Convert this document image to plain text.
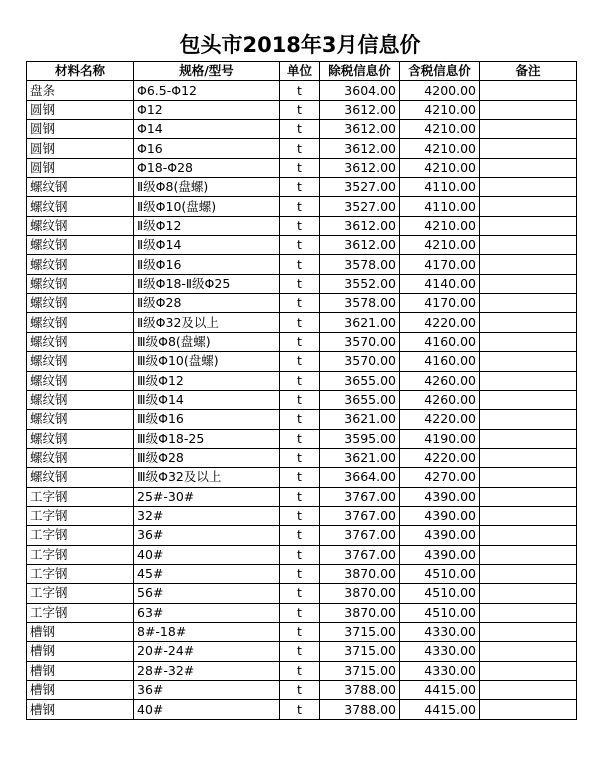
包头市2018年3月信息价
材料名称	规格/型号	单位	除税信息价	含税信息价	备注
盘条	Φ6.5-Φ12	t	3604.00	4200.00	
圆钢	Φ12	t	3612.00	4210.00	
圆钢	Φ14	t	3612.00	4210.00	
圆钢	Φ16	t	3612.00	4210.00	
圆钢	Φ18-Φ28	t	3612.00	4210.00	
螺纹钢	Ⅱ级Φ8(盘螺)	t	3527.00	4110.00	
螺纹钢	Ⅱ级Φ10(盘螺)	t	3527.00	4110.00	
螺纹钢	Ⅱ级Φ12	t	3612.00	4210.00	
螺纹钢	Ⅱ级Φ14	t	3612.00	4210.00	
螺纹钢	Ⅱ级Φ16	t	3578.00	4170.00	
螺纹钢	Ⅱ级Φ18-Ⅱ级Φ25	t	3552.00	4140.00	
螺纹钢	Ⅱ级Φ28	t	3578.00	4170.00	
螺纹钢	Ⅱ级Φ32及以上	t	3621.00	4220.00	
螺纹钢	Ⅲ级Φ8(盘螺)	t	3570.00	4160.00	
螺纹钢	Ⅲ级Φ10(盘螺)	t	3570.00	4160.00	
螺纹钢	Ⅲ级Φ12	t	3655.00	4260.00	
螺纹钢	Ⅲ级Φ14	t	3655.00	4260.00	
螺纹钢	Ⅲ级Φ16	t	3621.00	4220.00	
螺纹钢	Ⅲ级Φ18-25	t	3595.00	4190.00	
螺纹钢	Ⅲ级Φ28	t	3621.00	4220.00	
螺纹钢	Ⅲ级Φ32及以上	t	3664.00	4270.00	
工字钢	25#-30#	t	3767.00	4390.00	
工字钢	32#	t	3767.00	4390.00	
工字钢	36#	t	3767.00	4390.00	
工字钢	40#	t	3767.00	4390.00	
工字钢	45#	t	3870.00	4510.00	
工字钢	56#	t	3870.00	4510.00	
工字钢	63#	t	3870.00	4510.00	
槽钢	8#-18#	t	3715.00	4330.00	
槽钢	20#-24#	t	3715.00	4330.00	
槽钢	28#-32#	t	3715.00	4330.00	
槽钢	36#	t	3788.00	4415.00	
槽钢	40#	t	3788.00	4415.00	
